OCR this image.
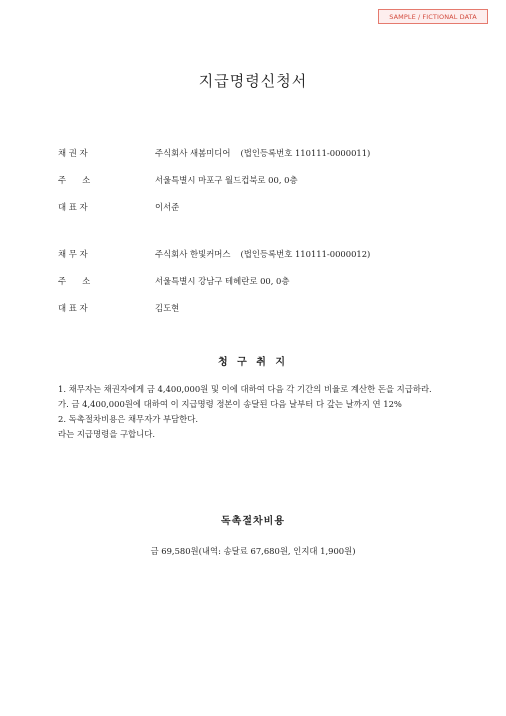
SAMPLE / FICTIONAL DATA
지급명령신청서
채 권 자	주식회사 새봄미디어 (법인등록번호 110111-0000011)
주      소	서울특별시 마포구 월드컵북로 00, 0층
대 표 자	이서준
채 무 자	주식회사 한빛커머스 (법인등록번호 110111-0000012)
주      소	서울특별시 강남구 테헤란로 00, 0층
대 표 자	김도현
청 구 취 지

1. 채무자는 채권자에게 금 4,400,000원 및 이에 대하여 다음 각 기간의 비율로 계산한 돈을 지급하라.

가. 금 4,400,000원에 대하여 이 지급명령 정본이 송달된 다음 날부터 다 갚는 날까지 연 12%

2. 독촉절차비용은 채무자가 부담한다.

라는 지급명령을 구합니다.

독촉절차비용
금 69,580원(내역: 송달료 67,680원, 인지대 1,900원)
